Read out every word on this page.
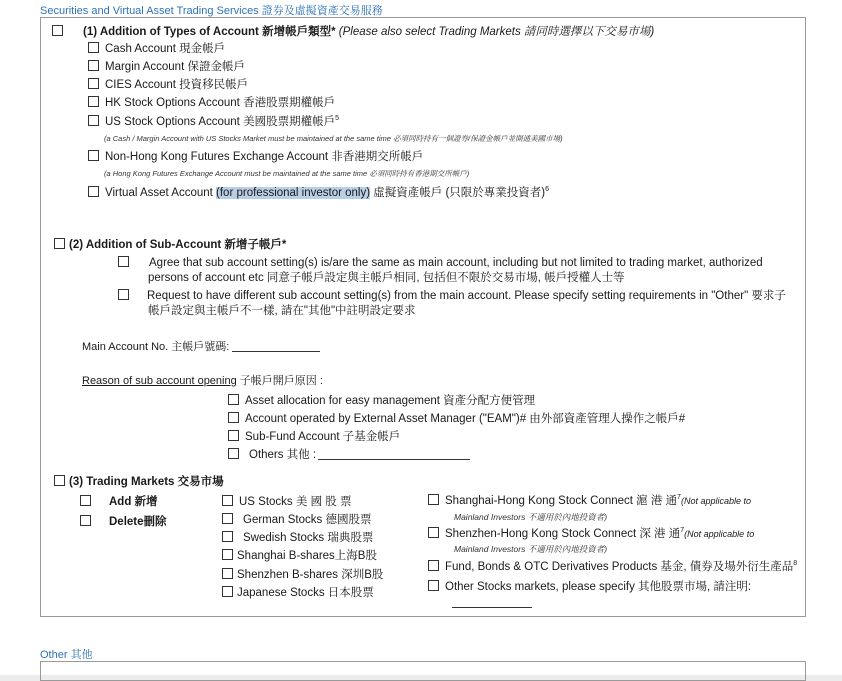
Securities and Virtual Asset Trading Services 證券及虛擬資產交易服務
(1) Addition of Types of Account 新增帳戶類型* (Please also select Trading Markets 請同時選擇以下交易市場)
Cash Account 現金帳戶
Margin Account 保證金帳戶
CIES Account 投資移民帳戶
HK Stock Options Account 香港股票期權帳戶
US Stock Options Account 美國股票期權帳戶$^5$
(a Cash / Margin Account with US Stocks Market must be maintained at the same time 必須同時持有一個證券/保證金帳戶並開通美國市場)
Non-Hong Kong Futures Exchange Account 非香港期交所帳戶
(a Hong Kong Futures Exchange Account must be maintained at the same time 必須同時持有香港期交所帳戶)
Virtual Asset Account (for professional investor only) 虛擬資產帳戶 (只限於專業投資者)$^6$
(2) Addition of Sub-Account 新增子帳戶*
Agree that sub account setting(s) is/are the same as main account, including but not limited to trading market, authorized
persons of account etc 同意子帳戶設定與主帳戶相同, 包括但不限於交易市場, 帳戶授權人士等
Request to have different sub account setting(s) from the main account. Please specify setting requirements in "Other" 要求子
帳戶設定與主帳戶不一樣, 請在"其他"中註明設定要求
Main Account No. 主帳戶號碼:
Reason of sub account opening 子帳戶開戶原因 :
Asset allocation for easy management 資產分配方便管理
Account operated by External Asset Manager ("EAM")# 由外部資產管理人操作之帳戶#
Sub-Fund Account 子基金帳戶
Others 其他 :
(3) Trading Markets 交易市場
Add 新增
Delete刪除
US Stocks 美 國 股 票
German Stocks 德國股票
Swedish Stocks 瑞典股票
Shanghai B-shares上海B股
Shenzhen B-shares 深圳B股
Japanese Stocks 日本股票
Shanghai-Hong Kong Stock Connect 滬 港 通$^7$(Not applicable to
Mainland Investors 不適用於內地投資者)
Shenzhen-Hong Kong Stock Connect 深 港 通$^7$(Not applicable to
Mainland Investors 不適用於內地投資者)
Fund, Bonds & OTC Derivatives Products 基金, 債券及場外衍生產品$^8$
Other Stocks markets, please specify 其他股票市場, 請注明:
Other 其他
